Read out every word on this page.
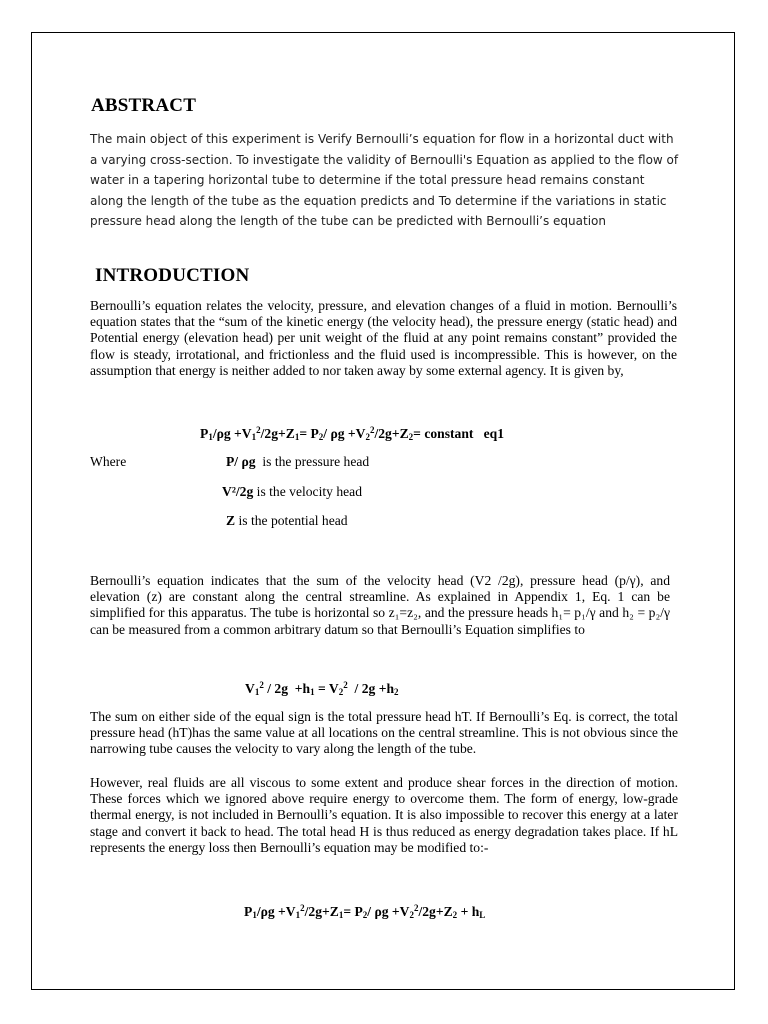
ABSTRACT
The main object of this experiment is Verify Bernoulli’s equation for flow in a horizontal duct with a varying cross-section. To investigate the validity of Bernoulli's Equation as applied to the flow of water in a tapering horizontal tube to determine if the total pressure head remains constant along the length of the tube as the equation predicts and To determine if the variations in static pressure head along the length of the tube can be predicted with Bernoulli’s equation
INTRODUCTION
Bernoulli’s equation relates the velocity, pressure, and elevation changes of a fluid in motion. Bernoulli’s equation states that the “sum of the kinetic energy (the velocity head), the pressure energy (static head) and Potential energy (elevation head) per unit weight of the fluid at any point remains constant” provided the flow is steady, irrotational, and frictionless and the fluid used is incompressible. This is however, on the assumption that energy is neither added to nor taken away by some external agency. It is given by,
$P_1/\rho g +V_1^2/2g+Z_1= P_2/$ $\rho g +V_2^2/2g+Z_2=$ constant   eq1
Where	P/ ρg is the pressure head
V²/2g is the velocity head
Z is the potential head
Bernoulli’s equation indicates that the sum of the velocity head (V2 /2g), pressure head (p/γ), and elevation (z) are constant along the central streamline. As explained in Appendix 1, Eq. 1 can be simplified for this apparatus. The tube is horizontal so z₁=z₂, and the pressure heads h₁= p₁/γ and h₂ = p₂/γ can be measured from a common arbitrary datum so that Bernoulli’s Equation simplifies to
$V_1^2 / 2g +h_1 = V_2^2 / 2g +h_2$
The sum on either side of the equal sign is the total pressure head hT. If Bernoulli’s Eq. is correct, the total pressure head (hT)has the same value at all locations on the central streamline. This is not obvious since the narrowing tube causes the velocity to vary along the length of the tube.
However, real fluids are all viscous to some extent and produce shear forces in the direction of motion. These forces which we ignored above require energy to overcome them. The form of energy, low-grade thermal energy, is not included in Bernoulli’s equation. It is also impossible to recover this energy at a later stage and convert it back to head. The total head H is thus reduced as energy degradation takes place. If hL represents the energy loss then Bernoulli’s equation may be modified to:-
$P_1/\rho g +V_1^2/2g+Z_1= P_2/$ $\rho g +V_2^2/2g+Z_2 + h_L$
